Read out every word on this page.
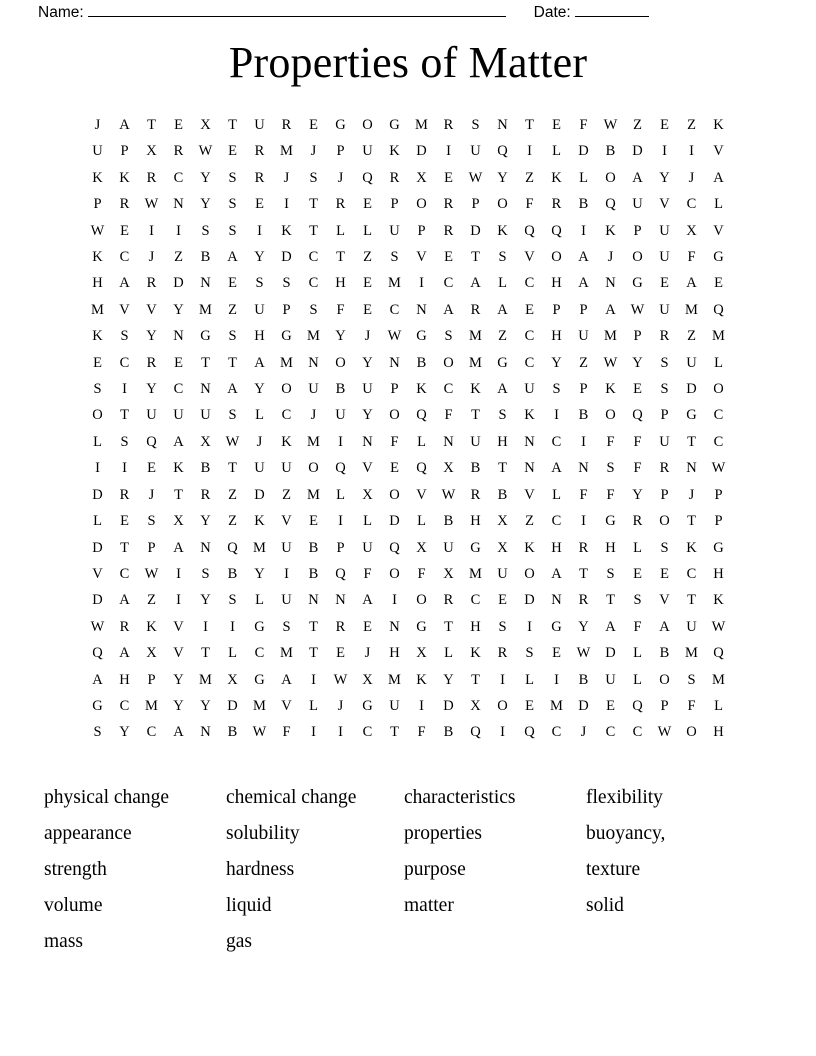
Name:	Date:
Properties of Matter
J	A	T	E	X	T	U	R	E	G	O	G	M	R	S	N	T	E	F	W	Z	E	Z	K
U	P	X	R	W	E	R	M	J	P	U	K	D	I	U	Q	I	L	D	B	D	I	I	V
K	K	R	C	Y	S	R	J	S	J	Q	R	X	E	W	Y	Z	K	L	O	A	Y	J	A
P	R	W	N	Y	S	E	I	T	R	E	P	O	R	P	O	F	R	B	Q	U	V	C	L
W	E	I	I	S	S	I	K	T	L	L	U	P	R	D	K	Q	Q	I	K	P	U	X	V
K	C	J	Z	B	A	Y	D	C	T	Z	S	V	E	T	S	V	O	A	J	O	U	F	G
H	A	R	D	N	E	S	S	C	H	E	M	I	C	A	L	C	H	A	N	G	E	A	E
M	V	V	Y	M	Z	U	P	S	F	E	C	N	A	R	A	E	P	P	A	W	U	M	Q
K	S	Y	N	G	S	H	G	M	Y	J	W	G	S	M	Z	C	H	U	M	P	R	Z	M
E	C	R	E	T	T	A	M	N	O	Y	N	B	O	M	G	C	Y	Z	W	Y	S	U	L
S	I	Y	C	N	A	Y	O	U	B	U	P	K	C	K	A	U	S	P	K	E	S	D	O
O	T	U	U	U	S	L	C	J	U	Y	O	Q	F	T	S	K	I	B	O	Q	P	G	C
L	S	Q	A	X	W	J	K	M	I	N	F	L	N	U	H	N	C	I	F	F	U	T	C
I	I	E	K	B	T	U	U	O	Q	V	E	Q	X	B	T	N	A	N	S	F	R	N	W
D	R	J	T	R	Z	D	Z	M	L	X	O	V	W	R	B	V	L	F	F	Y	P	J	P
L	E	S	X	Y	Z	K	V	E	I	L	D	L	B	H	X	Z	C	I	G	R	O	T	P
D	T	P	A	N	Q	M	U	B	P	U	Q	X	U	G	X	K	H	R	H	L	S	K	G
V	C	W	I	S	B	Y	I	B	Q	F	O	F	X	M	U	O	A	T	S	E	E	C	H
D	A	Z	I	Y	S	L	U	N	N	A	I	O	R	C	E	D	N	R	T	S	V	T	K
W	R	K	V	I	I	G	S	T	R	E	N	G	T	H	S	I	G	Y	A	F	A	U	W
Q	A	X	V	T	L	C	M	T	E	J	H	X	L	K	R	S	E	W	D	L	B	M	Q
A	H	P	Y	M	X	G	A	I	W	X	M	K	Y	T	I	L	I	B	U	L	O	S	M
G	C	M	Y	Y	D	M	V	L	J	G	U	I	D	X	O	E	M	D	E	Q	P	F	L
S	Y	C	A	N	B	W	F	I	I	C	T	F	B	Q	I	Q	C	J	C	C	W	O	H
physical change	chemical change	characteristics	flexibility
appearance	solubility	properties	buoyancy,
strength	hardness	purpose	texture
volume	liquid	matter	solid
mass	gas
